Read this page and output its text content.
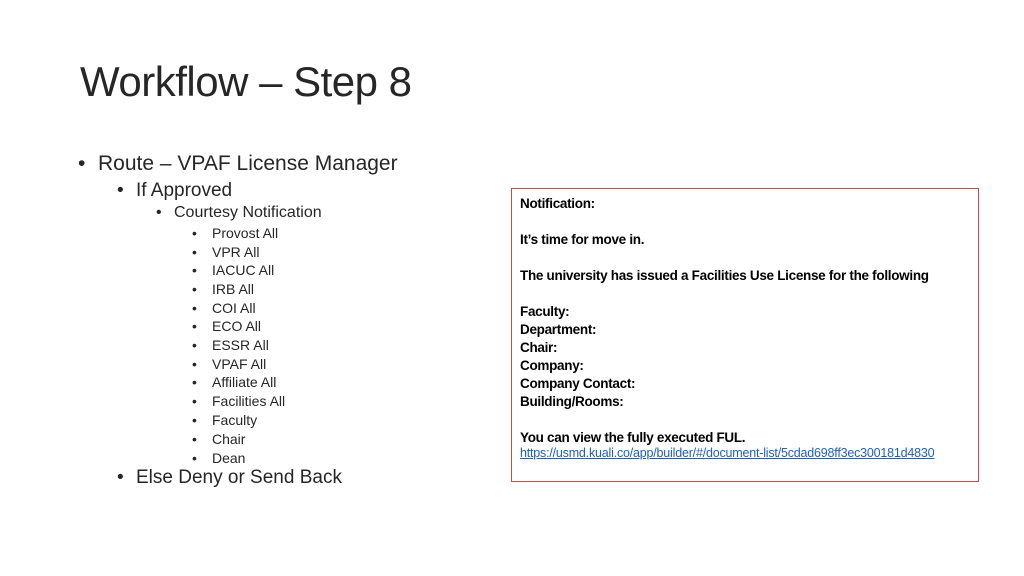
Workflow – Step 8
• Route – VPAF License Manager
• If Approved
• Courtesy Notification
• Provost All
• VPR All
• IACUC All
• IRB All
• COI All
• ECO All
• ESSR All
• VPAF All
• Affiliate All
• Facilities All
• Faculty
• Chair
• Dean
• Else Deny or Send Back
Notification:
It’s time for move in.
The university has issued a Facilities Use License for the following
Faculty:
Department:
Chair:
Company:
Company Contact:
Building/Rooms:
You can view the fully executed FUL.
https://usmd.kuali.co/app/builder/#/document-list/5cdad698ff3ec300181d4830
